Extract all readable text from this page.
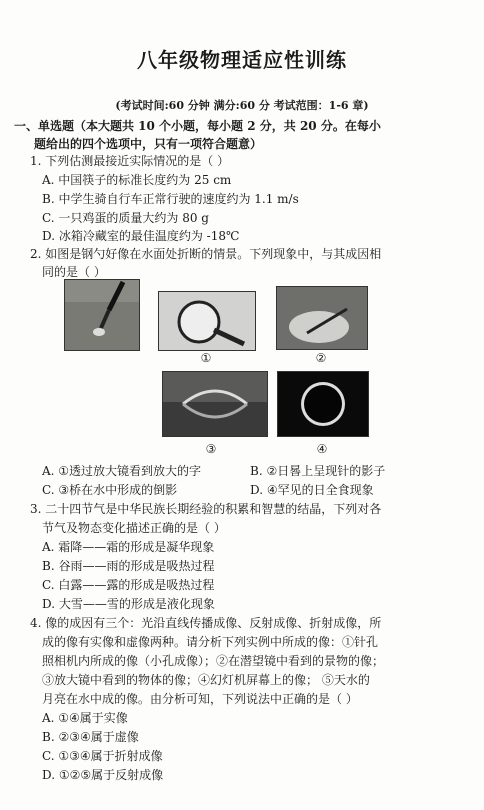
八年级物理适应性训练
(考试时间:60 分钟 满分:60 分 考试范围：1-6 章)
一、单选题（本大题共 10 个小题，每小题 2 分，共 20 分。在每小
题给出的四个选项中，只有一项符合题意）
1. 下列估测最接近实际情况的是（ ）
A. 中国筷子的标准长度约为 25 cm
B. 中学生骑自行车正常行驶的速度约为 1.1 m/s
C. 一只鸡蛋的质量大约为 80 g
D. 冰箱冷藏室的最佳温度约为 -18℃
2. 如图是钢勺好像在水面处折断的情景。下列现象中，与其成因相
同的是（ ）
①	②
③	④
A. ①透过放大镜看到放大的字	B. ②日晷上呈现针的影子
C. ③桥在水中形成的倒影	D. ④罕见的日全食现象
3. 二十四节气是中华民族长期经验的积累和智慧的结晶，下列对各
节气及物态变化描述正确的是（ ）
A. 霜降——霜的形成是凝华现象
B. 谷雨——雨的形成是吸热过程
C. 白露——露的形成是吸热过程
D. 大雪——雪的形成是液化现象
4. 像的成因有三个：光沿直线传播成像、反射成像、折射成像，所
成的像有实像和虚像两种。请分析下列实例中所成的像：①针孔
照相机内所成的像（小孔成像）；②在潜望镜中看到的景物的像；
③放大镜中看到的物体的像；④幻灯机屏幕上的像； ⑤天水的
月亮在水中成的像。由分析可知，下列说法中正确的是（ ）
A. ①④属于实像
B. ②③④属于虚像
C. ①③④属于折射成像
D. ①②⑤属于反射成像
